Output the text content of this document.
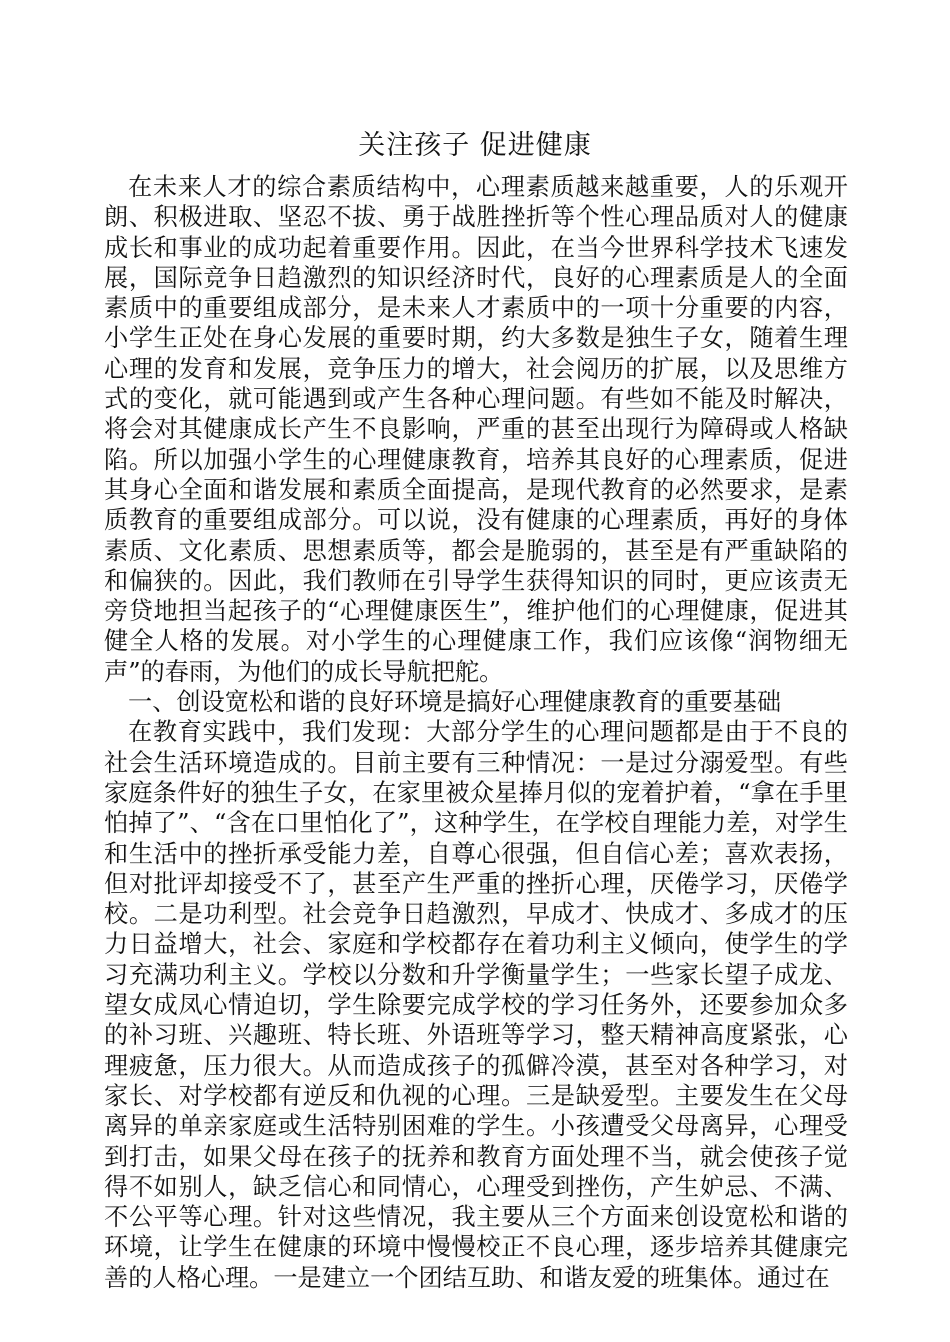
关注孩子 促进健康

在未来人才的综合素质结构中，心理素质越来越重要，人的乐观开朗、积极进取、坚忍不拔、勇于战胜挫折等个性心理品质对人的健康成长和事业的成功起着重要作用。因此，在当今世界科学技术飞速发展，国际竞争日趋激烈的知识经济时代，良好的心理素质是人的全面素质中的重要组成部分，是未来人才素质中的一项十分重要的内容，小学生正处在身心发展的重要时期，约大多数是独生子女，随着生理心理的发育和发展，竞争压力的增大，社会阅历的扩展，以及思维方式的变化，就可能遇到或产生各种心理问题。有些如不能及时解决，将会对其健康成长产生不良影响，严重的甚至出现行为障碍或人格缺陷。所以加强小学生的心理健康教育，培养其良好的心理素质，促进其身心全面和谐发展和素质全面提高，是现代教育的必然要求，是素质教育的重要组成部分。可以说，没有健康的心理素质，再好的身体素质、文化素质、思想素质等，都会是脆弱的，甚至是有严重缺陷的和偏狭的。因此，我们教师在引导学生获得知识的同时，更应该责无旁贷地担当起孩子的“心理健康医生”，维护他们的心理健康，促进其健全人格的发展。对小学生的心理健康工作，我们应该像“润物细无声”的春雨，为他们的成长导航把舵。

一、创设宽松和谐的良好环境是搞好心理健康教育的重要基础

在教育实践中，我们发现：大部分学生的心理问题都是由于不良的社会生活环境造成的。目前主要有三种情况：一是过分溺爱型。有些家庭条件好的独生子女，在家里被众星捧月似的宠着护着，“拿在手里怕掉了”、“含在口里怕化了”，这种学生，在学校自理能力差，对学生和生活中的挫折承受能力差，自尊心很强，但自信心差；喜欢表扬，但对批评却接受不了，甚至产生严重的挫折心理，厌倦学习，厌倦学校。二是功利型。社会竞争日趋激烈，早成才、快成才、多成才的压力日益增大，社会、家庭和学校都存在着功利主义倾向，使学生的学习充满功利主义。学校以分数和升学衡量学生；一些家长望子成龙、望女成凤心情迫切，学生除要完成学校的学习任务外，还要参加众多的补习班、兴趣班、特长班、外语班等学习，整天精神高度紧张，心理疲惫，压力很大。从而造成孩子的孤僻冷漠，甚至对各种学习，对家长、对学校都有逆反和仇视的心理。三是缺爱型。主要发生在父母离异的单亲家庭或生活特别困难的学生。小孩遭受父母离异，心理受到打击，如果父母在孩子的抚养和教育方面处理不当，就会使孩子觉得不如别人，缺乏信心和同情心，心理受到挫伤，产生妒忌、不满、不公平等心理。针对这些情况，我主要从三个方面来创设宽松和谐的环境，让学生在健康的环境中慢慢校正不良心理，逐步培养其健康完善的人格心理。一是建立一个团结互助、和谐友爱的班集体。通过在
